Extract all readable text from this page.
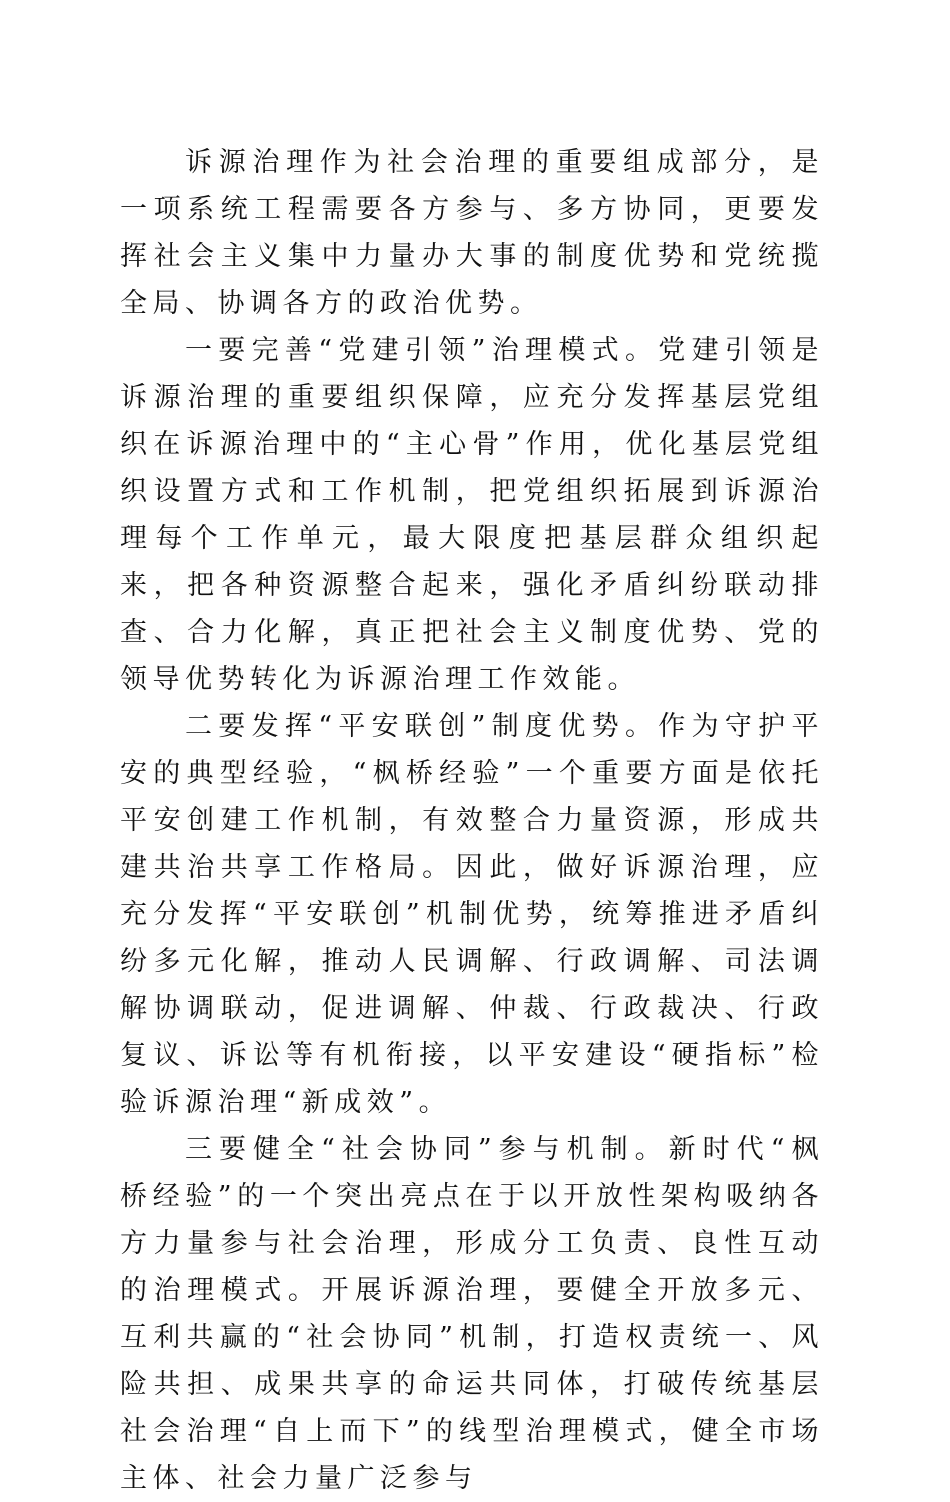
诉源治理作为社会治理的重要组成部分，是一项系统工程需要各方参与、多方协同，更要发挥社会主义集中力量办大事的制度优势和党统揽全局、协调各方的政治优势。

一要完善“党建引领”治理模式。党建引领是诉源治理的重要组织保障，应充分发挥基层党组织在诉源治理中的“主心骨”作用，优化基层党组织设置方式和工作机制，把党组织拓展到诉源治理每个工作单元，最大限度把基层群众组织起来，把各种资源整合起来，强化矛盾纠纷联动排查、合力化解，真正把社会主义制度优势、党的领导优势转化为诉源治理工作效能。

二要发挥“平安联创”制度优势。作为守护平安的典型经验，“枫桥经验”一个重要方面是依托平安创建工作机制，有效整合力量资源，形成共建共治共享工作格局。因此，做好诉源治理，应充分发挥“平安联创”机制优势，统筹推进矛盾纠纷多元化解，推动人民调解、行政调解、司法调解协调联动，促进调解、仲裁、行政裁决、行政复议、诉讼等有机衔接，以平安建设“硬指标”检验诉源治理“新成效”。

三要健全“社会协同”参与机制。新时代“枫桥经验”的一个突出亮点在于以开放性架构吸纳各方力量参与社会治理，形成分工负责、良性互动的治理模式。开展诉源治理，要健全开放多元、互利共赢的“社会协同”机制，打造权责统一、风险共担、成果共享的命运共同体，打破传统基层社会治理“自上而下”的线型治理模式，健全市场主体、社会力量广泛参与
